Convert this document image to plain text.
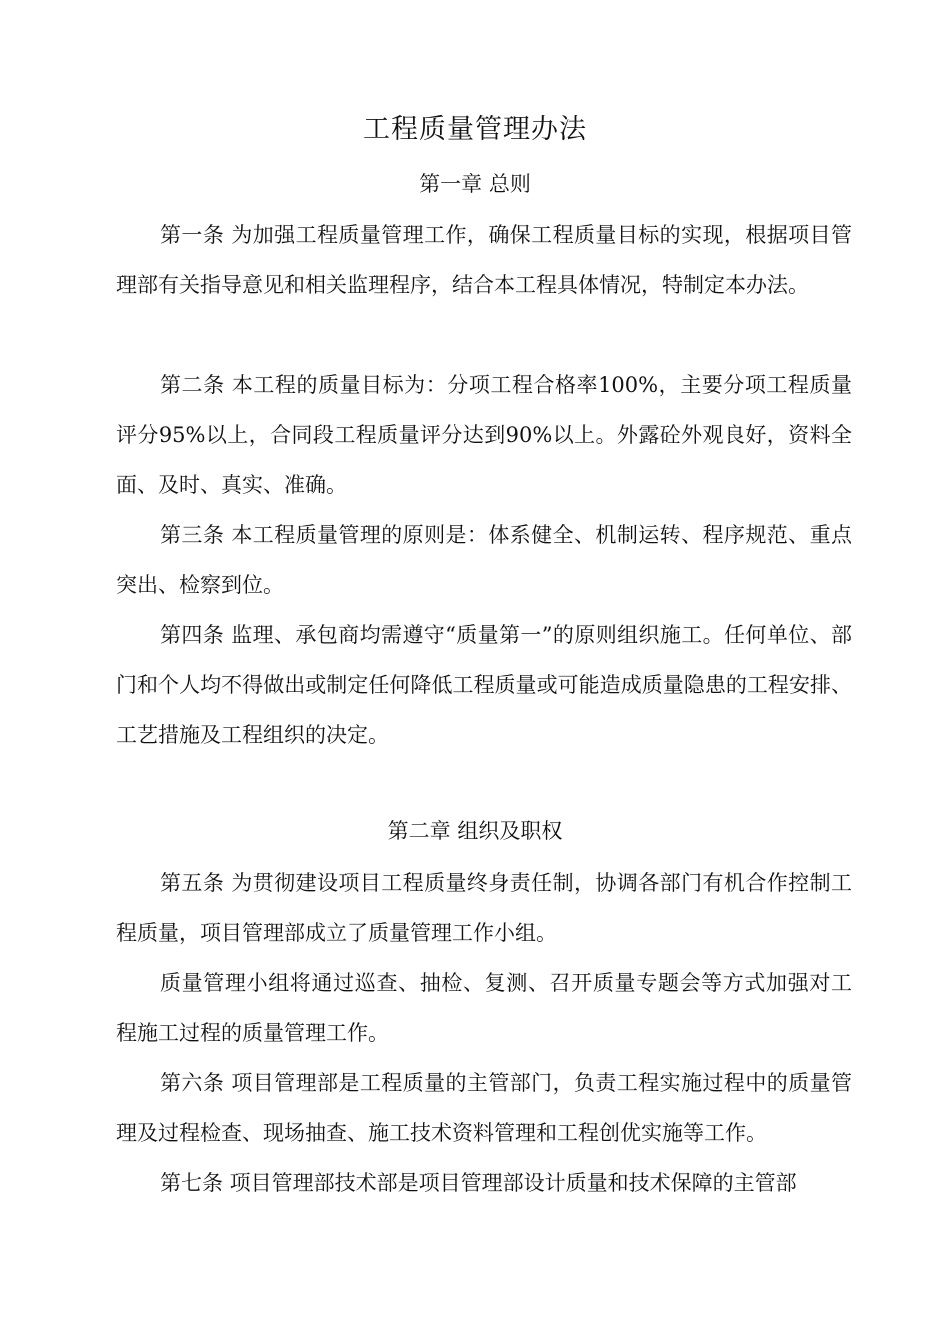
工程质量管理办法
第一章 总则

第一条 为加强工程质量管理工作，确保工程质量目标的实现，根据项目管理部有关指导意见和相关监理程序，结合本工程具体情况，特制定本办法。

第二条 本工程的质量目标为：分项工程合格率100%，主要分项工程质量评分95%以上，合同段工程质量评分达到90%以上。外露砼外观良好，资料全面、及时、真实、准确。

第三条 本工程质量管理的原则是：体系健全、机制运转、程序规范、重点突出、检察到位。

第四条 监理、承包商均需遵守“质量第一”的原则组织施工。任何单位、部门和个人均不得做出或制定任何降低工程质量或可能造成质量隐患的工程安排、工艺措施及工程组织的决定。

第二章 组织及职权

第五条 为贯彻建设项目工程质量终身责任制，协调各部门有机合作控制工程质量，项目管理部成立了质量管理工作小组。

质量管理小组将通过巡查、抽检、复测、召开质量专题会等方式加强对工程施工过程的质量管理工作。

第六条 项目管理部是工程质量的主管部门，负责工程实施过程中的质量管理及过程检查、现场抽查、施工技术资料管理和工程创优实施等工作。

第七条 项目管理部技术部是项目管理部设计质量和技术保障的主管部
